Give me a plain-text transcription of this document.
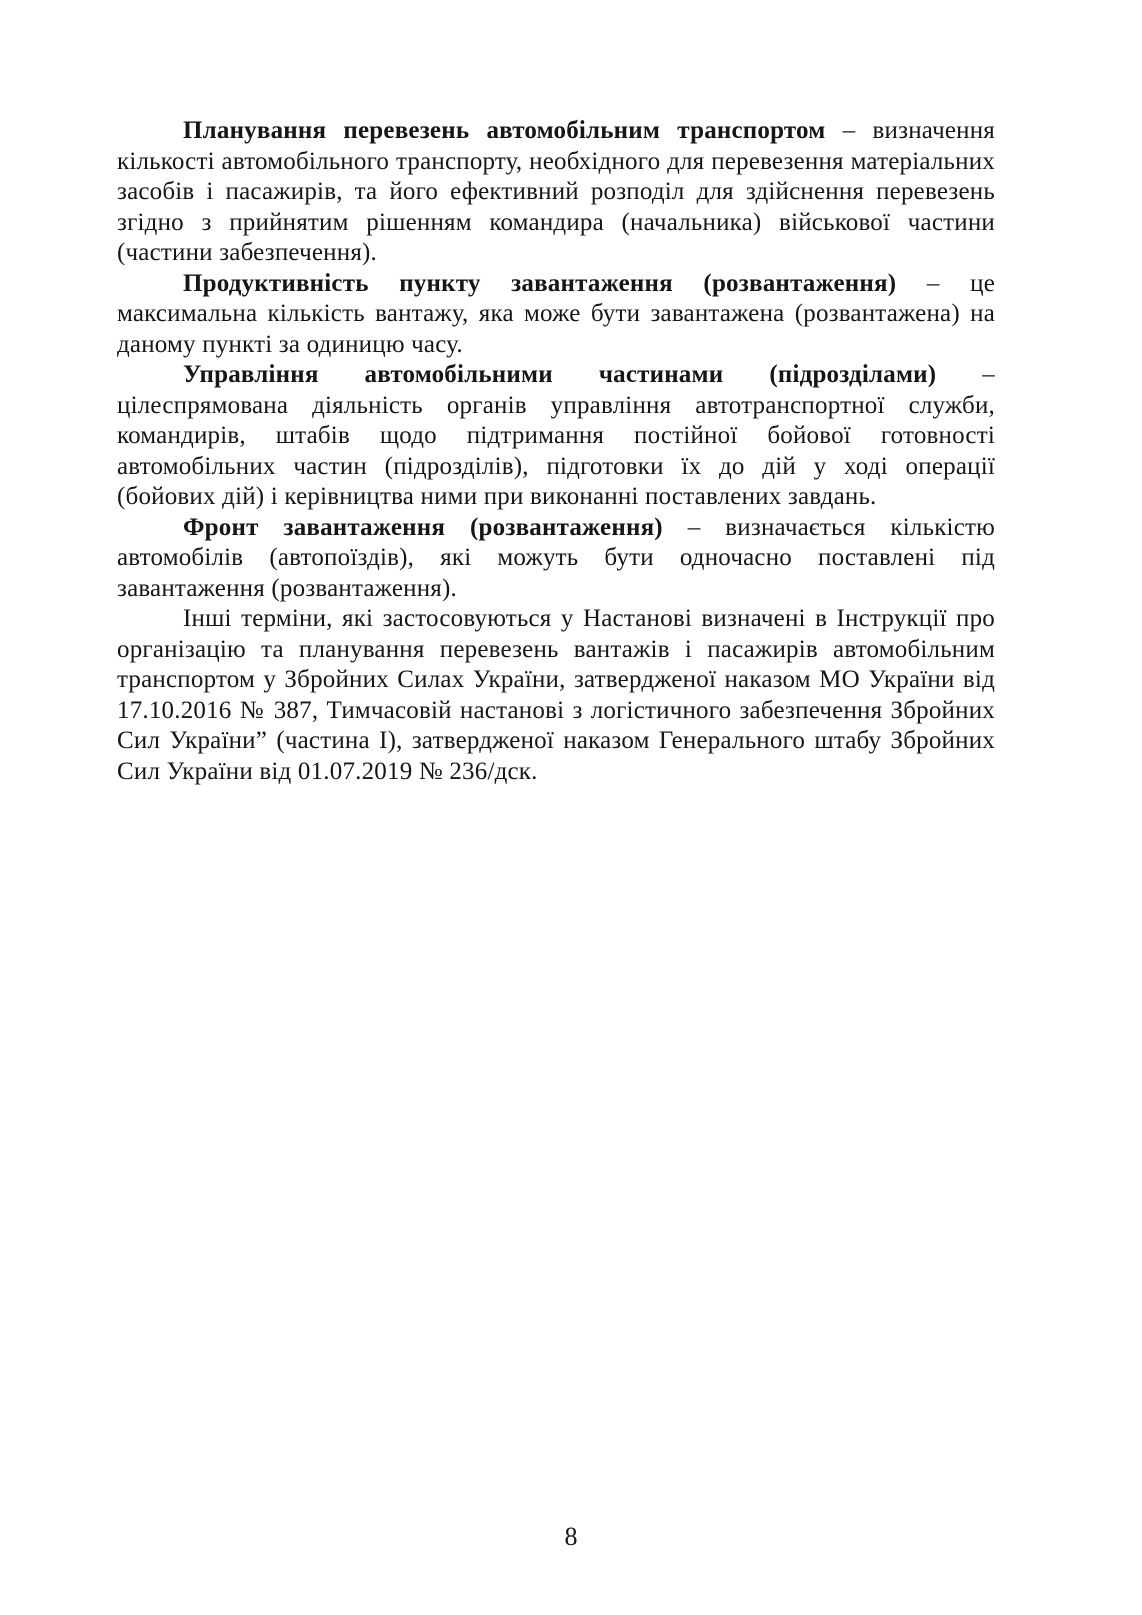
Планування перевезень автомобільним транспортом – визначення кількості автомобільного транспорту, необхідного для перевезення матеріальних засобів і пасажирів, та його ефективний розподіл для здійснення перевезень згідно з прийнятим рішенням командира (начальника) військової частини (частини забезпечення).

Продуктивність пункту завантаження (розвантаження) – це максимальна кількість вантажу, яка може бути завантажена (розвантажена) на даному пункті за одиницю часу.

Управління автомобільними частинами (підрозділами) – цілеспрямована діяльність органів управління автотранспортної служби, командирів, штабів щодо підтримання постійної бойової готовності автомобільних частин (підрозділів), підготовки їх до дій у ході операції (бойових дій) і керівництва ними при виконанні поставлених завдань.

Фронт завантаження (розвантаження) – визначається кількістю автомобілів (автопоїздів), які можуть бути одночасно поставлені під завантаження (розвантаження).

Інші терміни, які застосовуються у Настанові визначені в Інструкції про організацію та планування перевезень вантажів і пасажирів автомобільним транспортом у Збройних Силах України, затвердженої наказом МО України від 17.10.2016 № 387, Тимчасовій настанові з логістичного забезпечення Збройних Сил України” (частина І), затвердженої наказом Генерального штабу Збройних Сил України від 01.07.2019 № 236/дск.

8
